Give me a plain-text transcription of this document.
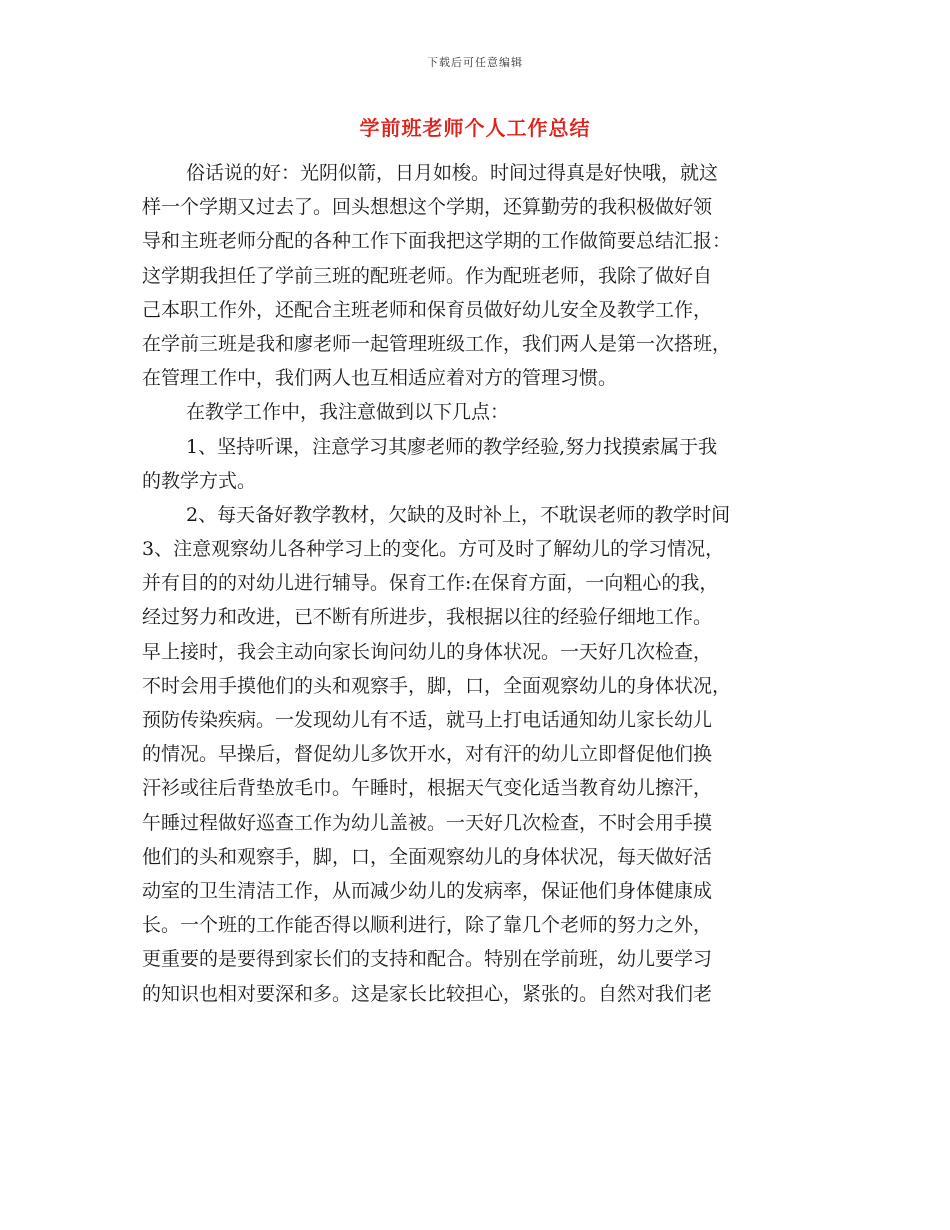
下载后可任意编辑
学前班老师个人工作总结
俗话说的好：光阴似箭，日月如梭。时间过得真是好快哦，就这
样一个学期又过去了。回头想想这个学期，还算勤劳的我积极做好领
导和主班老师分配的各种工作下面我把这学期的工作做简要总结汇报：
这学期我担任了学前三班的配班老师。作为配班老师，我除了做好自
己本职工作外，还配合主班老师和保育员做好幼儿安全及教学工作，
在学前三班是我和廖老师一起管理班级工作，我们两人是第一次搭班，
在管理工作中，我们两人也互相适应着对方的管理习惯。
在教学工作中，我注意做到以下几点：
1、坚持听课，注意学习其廖老师的教学经验,努力找摸索属于我
的教学方式。
2、每天备好教学教材，欠缺的及时补上，不耽误老师的教学时间
3、注意观察幼儿各种学习上的变化。方可及时了解幼儿的学习情况，
并有目的的对幼儿进行辅导。保育工作:在保育方面，一向粗心的我，
经过努力和改进，已不断有所进步，我根据以往的经验仔细地工作。
早上接时，我会主动向家长询问幼儿的身体状况。一天好几次检查，
不时会用手摸他们的头和观察手，脚，口，全面观察幼儿的身体状况，
预防传染疾病。一发现幼儿有不适，就马上打电话通知幼儿家长幼儿
的情况。早操后，督促幼儿多饮开水，对有汗的幼儿立即督促他们换
汗衫或往后背垫放毛巾。午睡时，根据天气变化适当教育幼儿擦汗，
午睡过程做好巡查工作为幼儿盖被。一天好几次检查，不时会用手摸
他们的头和观察手，脚，口，全面观察幼儿的身体状况，每天做好活
动室的卫生清洁工作，从而减少幼儿的发病率，保证他们身体健康成
长。一个班的工作能否得以顺利进行，除了靠几个老师的努力之外，
更重要的是要得到家长们的支持和配合。特别在学前班，幼儿要学习
的知识也相对要深和多。这是家长比较担心，紧张的。自然对我们老
